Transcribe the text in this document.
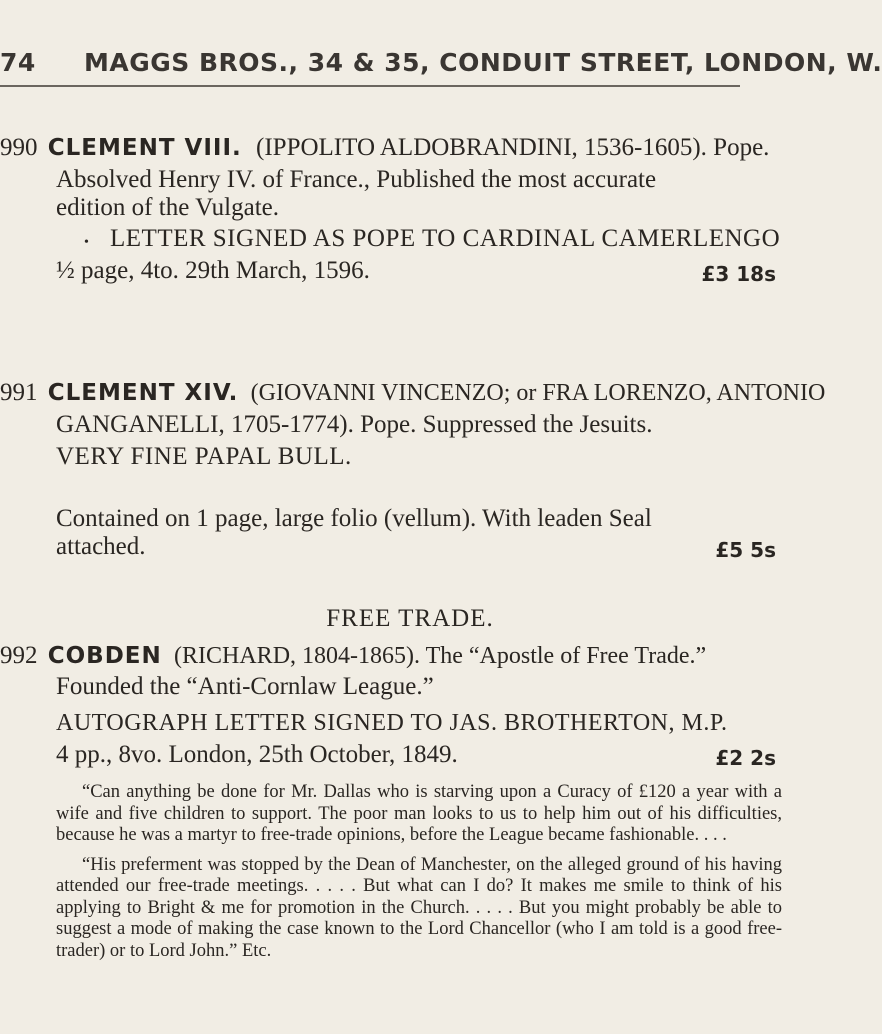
74 MAGGS BROS., 34 & 35, CONDUIT STREET, LONDON, W.
990 CLEMENT VIII. (IPPOLITO ALDOBRANDINI, 1536-1605). Pope.
Absolved Henry IV. of France., Published the most accurate
edition of the Vulgate.
• LETTER SIGNED AS POPE TO CARDINAL CAMERLENGO
½ page, 4to. 29th March, 1596.	£3 18s
991 CLEMENT XIV. (GIOVANNI VINCENZO; or FRA LORENZO, ANTONIO
GANGANELLI, 1705-1774). Pope. Suppressed the Jesuits.
VERY FINE PAPAL BULL.
Contained on 1 page, large folio (vellum). With leaden Seal
attached.	£5 5s
FREE TRADE.
992 COBDEN (RICHARD, 1804-1865). The “Apostle of Free Trade.”
Founded the “Anti-Cornlaw League.”
AUTOGRAPH LETTER SIGNED TO JAS. BROTHERTON, M.P.
4 pp., 8vo. London, 25th October, 1849.	£2 2s

“Can anything be done for Mr. Dallas who is starving upon a Curacy of £120 a year with a wife and five children to support. The poor man looks to us to help him out of his difficulties, because he was a martyr to free-trade opinions, before the League became fashionable. . . .

“His preferment was stopped by the Dean of Manchester, on the alleged ground of his having attended our free-trade meetings. . . . . But what can I do? It makes me smile to think of his applying to Bright & me for promotion in the Church. . . . . But you might probably be able to suggest a mode of making the case known to the Lord Chancellor (who I am told is a good free-trader) or to Lord John.” Etc.
